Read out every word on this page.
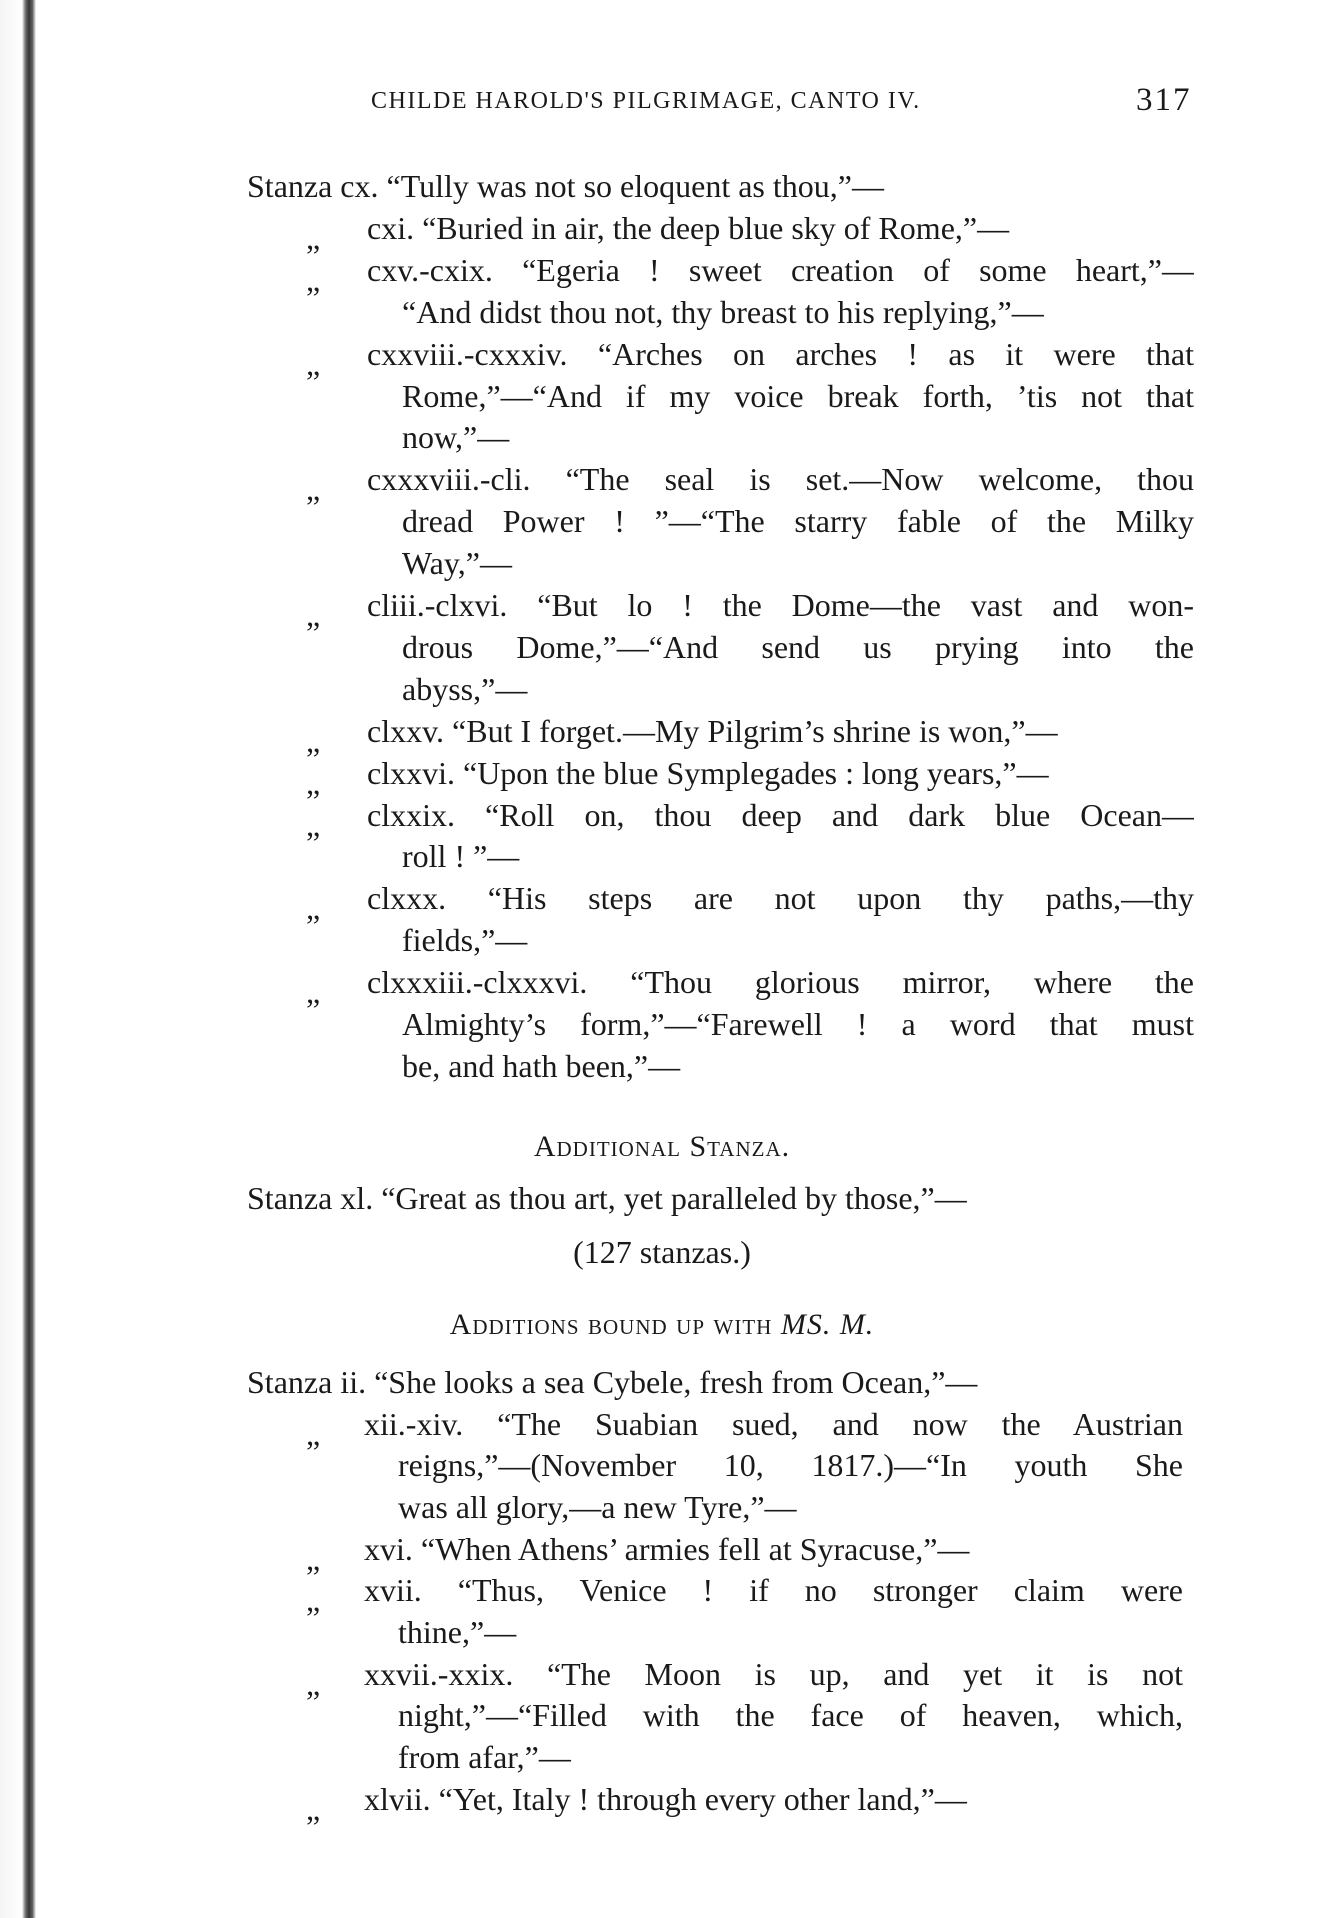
CHILDE HAROLD'S PILGRIMAGE, CANTO IV.	317
Stanza cx. “Tully was not so eloquent as thou,”—
„ cxi. “Buried in air, the deep blue sky of Rome,”—
„ cxv.-cxix. “Egeria ! sweet creation of some heart,”—
“And didst thou not, thy breast to his replying,”—
„ cxxviii.-cxxxiv. “Arches on arches ! as it were that
Rome,”—“And if my voice break forth, ’tis not that
now,”—
„ cxxxviii.-cli. “The seal is set.—Now welcome, thou
dread Power ! ”—“The starry fable of the Milky
Way,”—
„ cliii.-clxvi. “But lo ! the Dome—the vast and won-
drous Dome,”—“And send us prying into the
abyss,”—
„ clxxv. “But I forget.—My Pilgrim’s shrine is won,”—
„ clxxvi. “Upon the blue Symplegades : long years,”—
„ clxxix. “Roll on, thou deep and dark blue Ocean—
roll ! ”—
„ clxxx. “His steps are not upon thy paths,—thy
fields,”—
„ clxxxiii.-clxxxvi. “Thou glorious mirror, where the
Almighty’s form,”—“Farewell ! a word that must
be, and hath been,”—
Additional Stanza.
Stanza xl. “Great as thou art, yet paralleled by those,”—
(127 stanzas.)
Additions bound up with MS. M.
Stanza ii. “She looks a sea Cybele, fresh from Ocean,”—
„ xii.-xiv. “The Suabian sued, and now the Austrian
reigns,”—(November 10, 1817.)—“In youth She
was all glory,—a new Tyre,”—
„ xvi. “When Athens’ armies fell at Syracuse,”—
„ xvii. “Thus, Venice ! if no stronger claim were
thine,”—
„ xxvii.-xxix. “The Moon is up, and yet it is not
night,”—“Filled with the face of heaven, which,
from afar,”—
„ xlvii. “Yet, Italy ! through every other land,”—
